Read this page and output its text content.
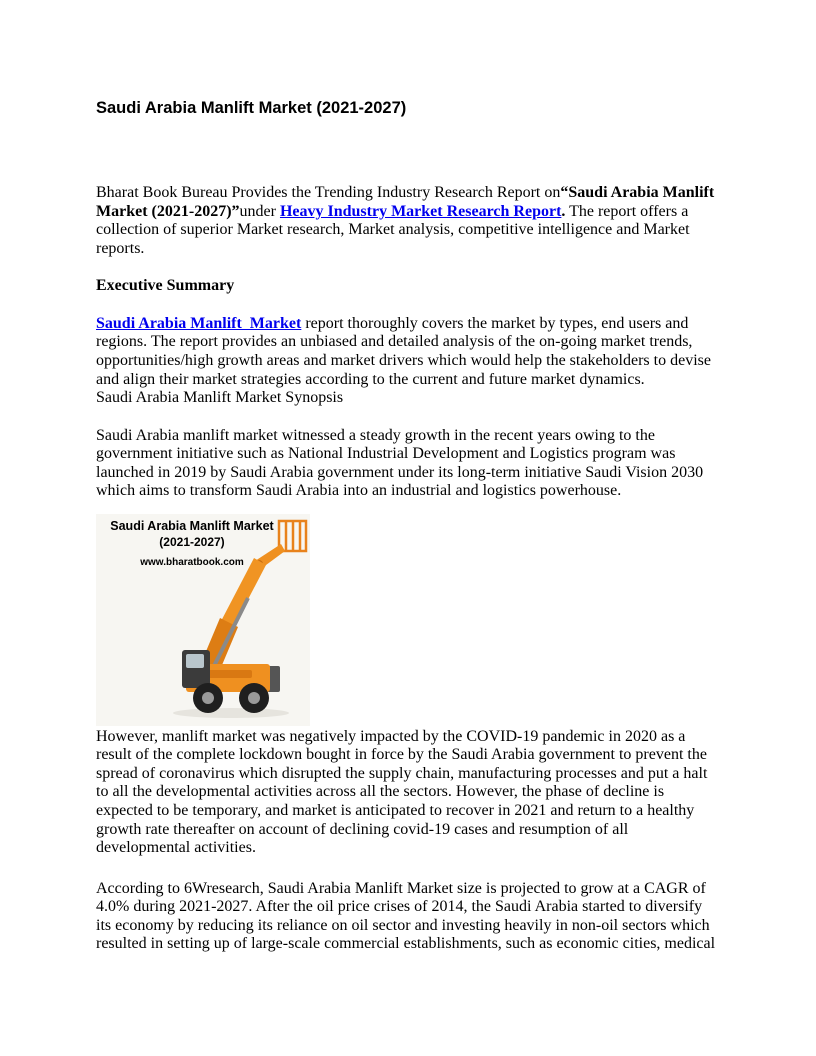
Saudi Arabia Manlift Market (2021-2027)

Bharat Book Bureau Provides the Trending Industry Research Report on“Saudi Arabia Manlift Market (2021-2027)”under Heavy Industry Market Research Report. The report offers a collection of superior Market research, Market analysis, competitive intelligence and Market reports.

Executive Summary

Saudi Arabia Manlift  Market report thoroughly covers the market by types, end users and regions. The report provides an unbiased and detailed analysis of the on-going market trends, opportunities/high growth areas and market drivers which would help the stakeholders to devise and align their market strategies according to the current and future market dynamics.
Saudi Arabia Manlift Market Synopsis

Saudi Arabia manlift market witnessed a steady growth in the recent years owing to the government initiative such as National Industrial Development and Logistics program was launched in 2019 by Saudi Arabia government under its long-term initiative Saudi Vision 2030 which aims to transform Saudi Arabia into an industrial and logistics powerhouse.

Saudi Arabia Manlift Market
(2021-2027)
www.bharatbook.com

However, manlift market was negatively impacted by the COVID-19 pandemic in 2020 as a result of the complete lockdown bought in force by the Saudi Arabia government to prevent the spread of coronavirus which disrupted the supply chain, manufacturing processes and put a halt to all the developmental activities across all the sectors. However, the phase of decline is expected to be temporary, and market is anticipated to recover in 2021 and return to a healthy growth rate thereafter on account of declining covid-19 cases and resumption of all developmental activities.

According to 6Wresearch, Saudi Arabia Manlift Market size is projected to grow at a CAGR of 4.0% during 2021-2027. After the oil price crises of 2014, the Saudi Arabia started to diversify its economy by reducing its reliance on oil sector and investing heavily in non-oil sectors which resulted in setting up of large-scale commercial establishments, such as economic cities, medical
